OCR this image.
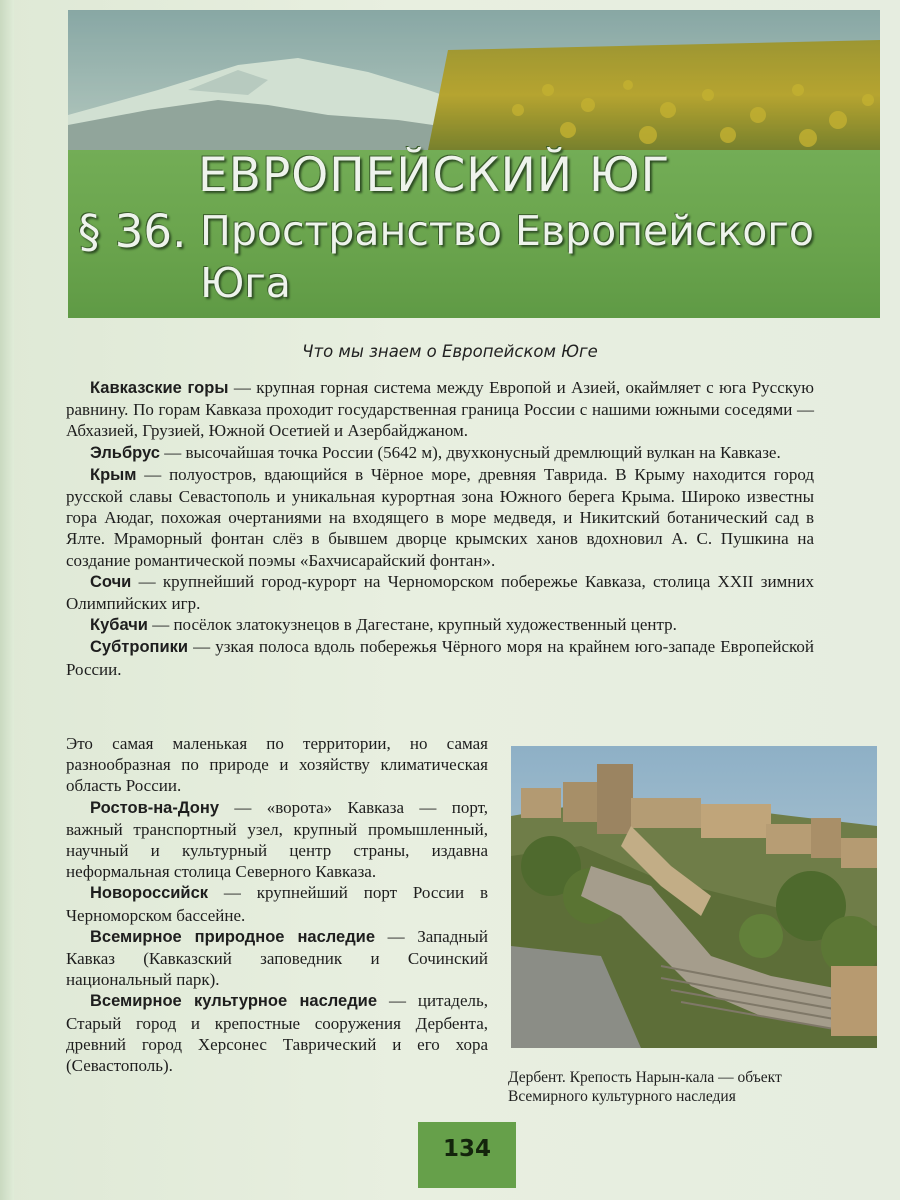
ЕВРОПЕЙСКИЙ ЮГ
§ 36. Пространство Европейского Юга
Что мы знаем о Европейском Юге

Кавказские горы — крупная горная система между Европой и Азией, окаймляет с юга Русскую равнину. По горам Кавказа проходит государственная граница России с нашими южными соседями — Абхазией, Грузией, Южной Осетией и Азербайджаном.

Эльбрус — высочайшая точка России (5642 м), двухконусный дремлющий вулкан на Кавказе.

Крым — полуостров, вдающийся в Чёрное море, древняя Таврида. В Крыму находится город русской славы Севастополь и уникальная курортная зона Южного берега Крыма. Широко известны гора Аюдаг, похожая очертаниями на входящего в море медведя, и Никитский ботанический сад в Ялте. Мраморный фонтан слёз в бывшем дворце крымских ханов вдохновил А. С. Пушкина на создание романтической поэмы «Бахчисарайский фонтан».

Сочи — крупнейший город-курорт на Черноморском побережье Кавказа, столица XXII зимних Олимпийских игр.

Кубачи — посёлок златокузнецов в Дагестане, крупный художественный центр.

Субтропики — узкая полоса вдоль побережья Чёрного моря на крайнем юго-западе Европейской России.

Это самая маленькая по территории, но самая разнообразная по природе и хозяйству климатическая область России.

Ростов-на-Дону — «ворота» Кавказа — порт, важный транспортный узел, крупный промышленный, научный и культурный центр страны, издавна неформальная столица Северного Кавказа.

Новороссийск — крупнейший порт России в Черноморском бассейне.

Всемирное природное наследие — Западный Кавказ (Кавказский заповедник и Сочинский национальный парк).

Всемирное культурное наследие — цитадель, Старый город и крепостные сооружения Дербента, древний город Херсонес Таврический и его хора (Севастополь).

Дербент. Крепость Нарын-кала — объект
Всемирного культурного наследия
134
